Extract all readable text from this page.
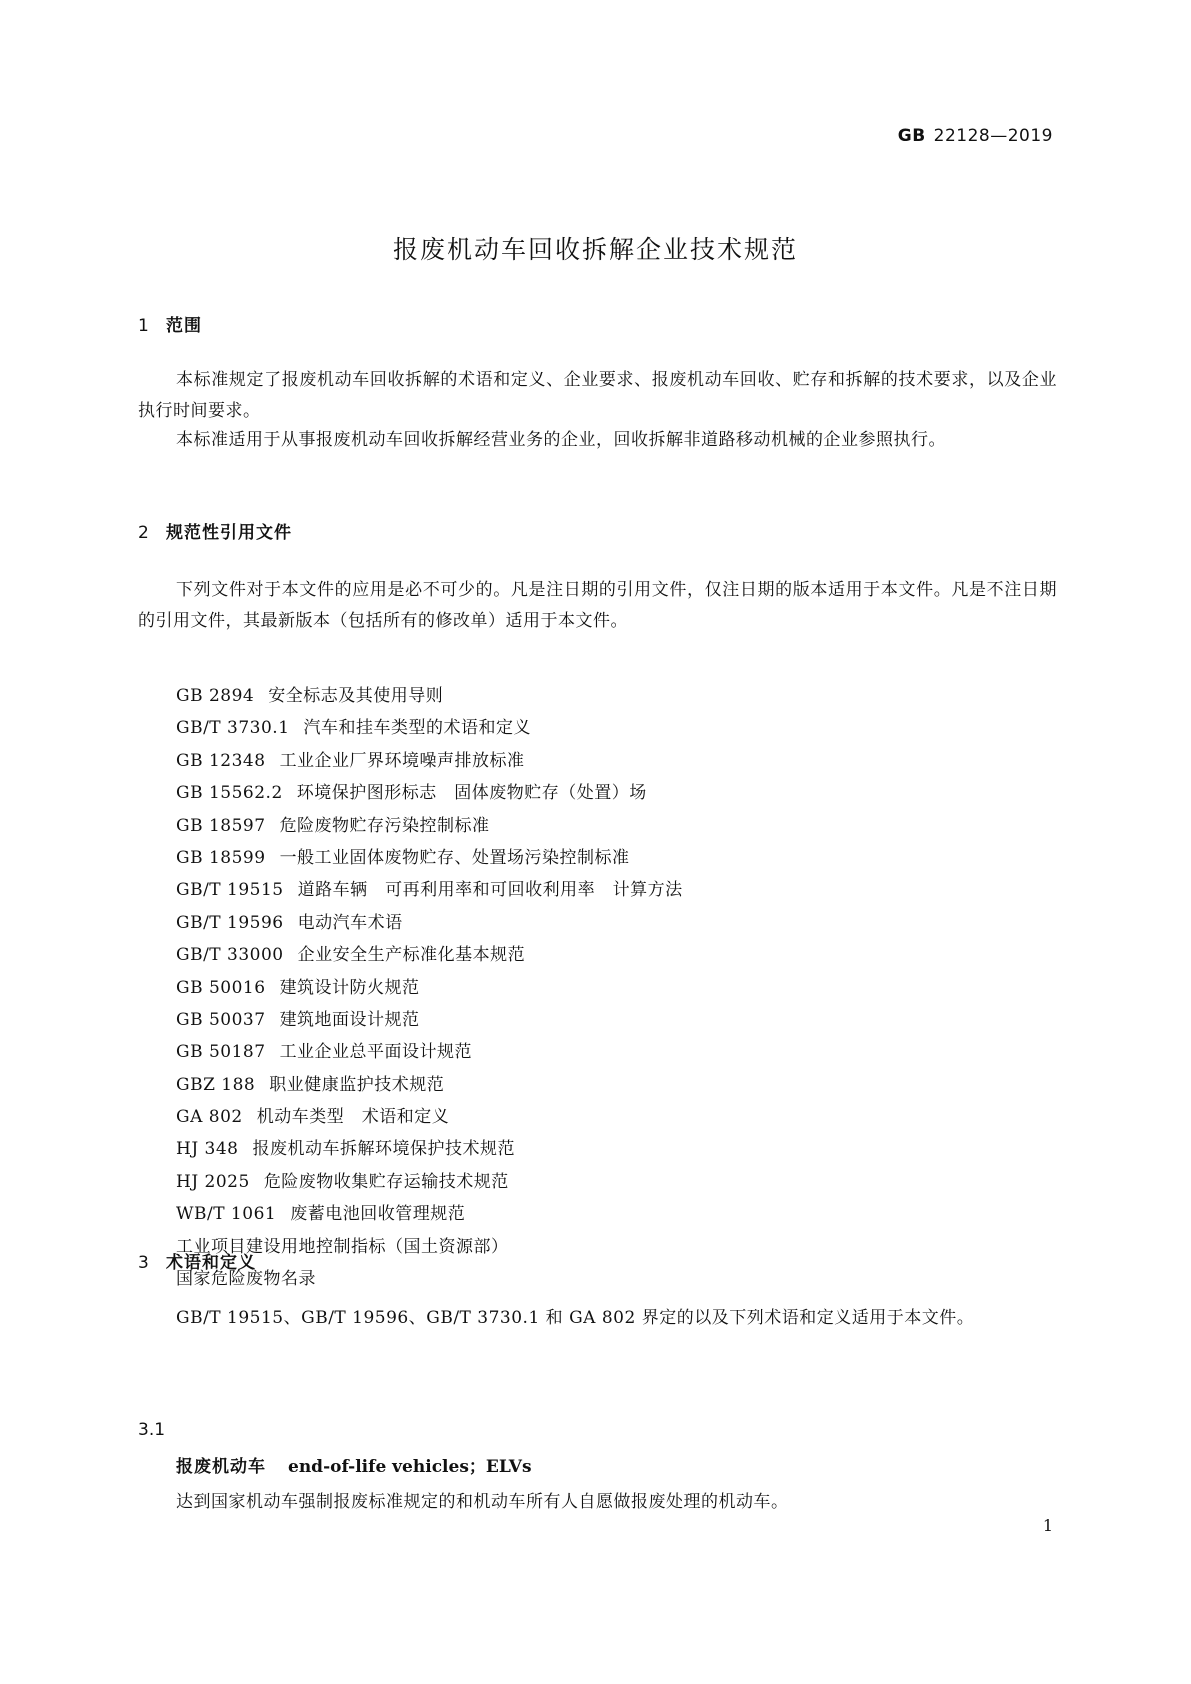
GB 22128—2019
报废机动车回收拆解企业技术规范
1 范围
本标准规定了报废机动车回收拆解的术语和定义、企业要求、报废机动车回收、贮存和拆解的技术要求，以及企业执行时间要求。
本标准适用于从事报废机动车回收拆解经营业务的企业，回收拆解非道路移动机械的企业参照执行。
2 规范性引用文件
下列文件对于本文件的应用是必不可少的。凡是注日期的引用文件，仅注日期的版本适用于本文件。凡是不注日期的引用文件，其最新版本（包括所有的修改单）适用于本文件。
GB 2894 安全标志及其使用导则
GB/T 3730.1 汽车和挂车类型的术语和定义
GB 12348 工业企业厂界环境噪声排放标准
GB 15562.2 环境保护图形标志　固体废物贮存（处置）场
GB 18597 危险废物贮存污染控制标准
GB 18599 一般工业固体废物贮存、处置场污染控制标准
GB/T 19515 道路车辆　可再利用率和可回收利用率　计算方法
GB/T 19596 电动汽车术语
GB/T 33000 企业安全生产标准化基本规范
GB 50016 建筑设计防火规范
GB 50037 建筑地面设计规范
GB 50187 工业企业总平面设计规范
GBZ 188 职业健康监护技术规范
GA 802 机动车类型　术语和定义
HJ 348 报废机动车拆解环境保护技术规范
HJ 2025 危险废物收集贮存运输技术规范
WB/T 1061 废蓄电池回收管理规范
工业项目建设用地控制指标（国土资源部）
国家危险废物名录
3 术语和定义
GB/T 19515、GB/T 19596、GB/T 3730.1 和 GA 802 界定的以及下列术语和定义适用于本文件。
3.1
报废机动车 end-of-life vehicles；ELVs
达到国家机动车强制报废标准规定的和机动车所有人自愿做报废处理的机动车。
1
